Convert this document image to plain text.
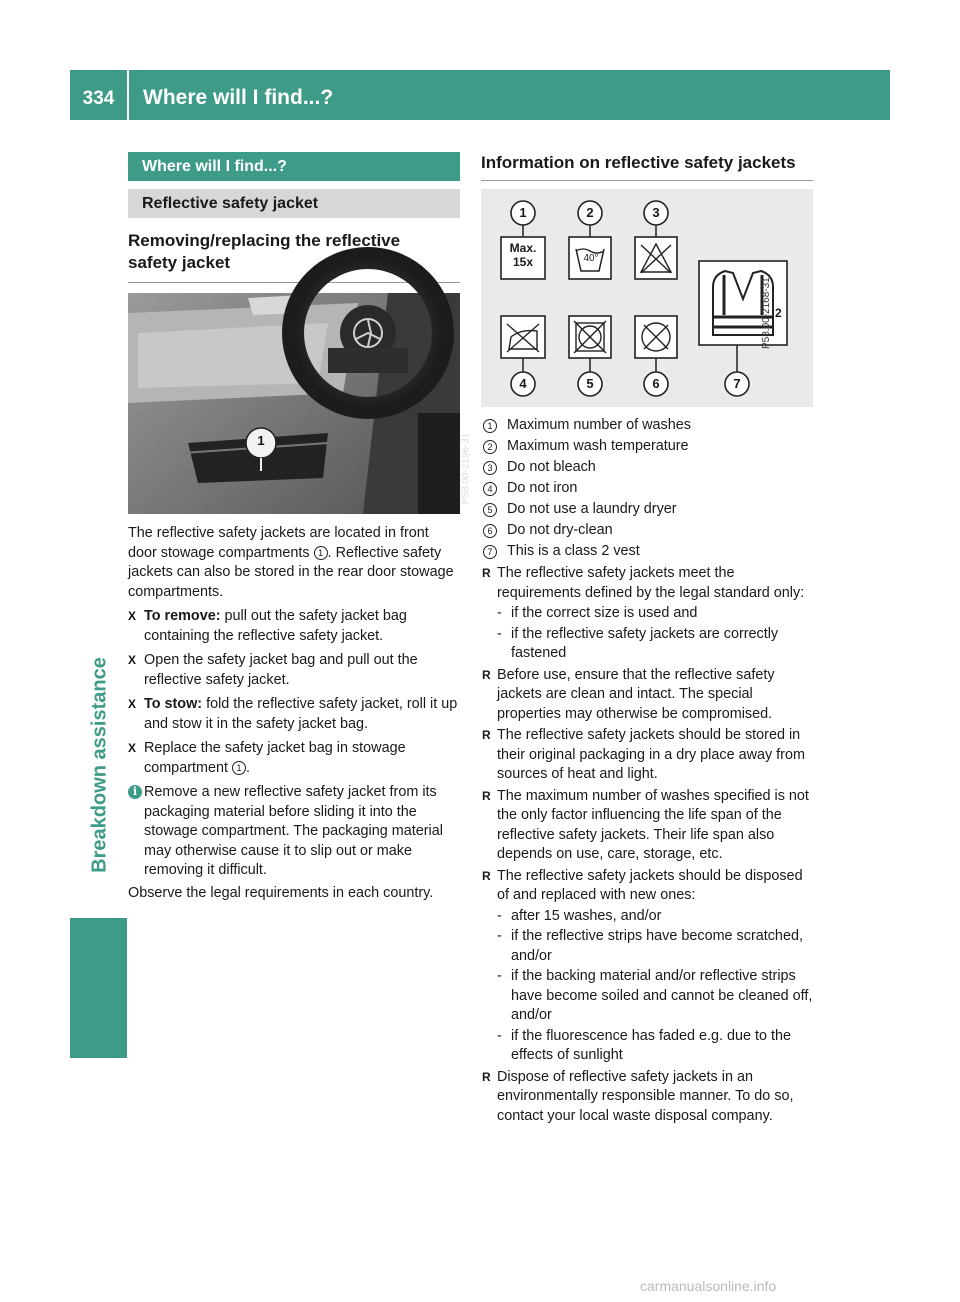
334	Where will I find...?
Breakdown assistance
Where will I find...?
Reflective safety jacket
Removing/replacing the reflective
safety jacket
1	P58.00-2196-31

The reflective safety jackets are located in front door stowage compartments 1 . Reflective safety jackets can also be stored in the rear door stowage compartments.

X To remove: pull out the safety jacket bag containing the reflective safety jacket.
X Open the safety jacket bag and pull out the reflective safety jacket.
X To stow: fold the reflective safety jacket, roll it up and stow it in the safety jacket bag.
X Replace the safety jacket bag in stowage compartment 1 .
i Remove a new reflective safety jacket from its packaging material before sliding it into the stowage compartment. The packaging material may otherwise cause it to slip out or make removing it difficult.

Observe the legal requirements in each country.

Information on reflective safety jackets
Max.
15x	40°
2
1	2	3
4	5	6	7
P58.00-2168-31
1	Maximum number of washes
2	Maximum wash temperature
3	Do not bleach
4	Do not iron
5	Do not use a laundry dryer
6	Do not dry-clean
7	This is a class 2 vest
R The reflective safety jackets meet the requirements defined by the legal standard only:
- if the correct size is used and
- if the reflective safety jackets are correctly fastened
R Before use, ensure that the reflective safety jackets are clean and intact. The special properties may otherwise be compromised.
R The reflective safety jackets should be stored in their original packaging in a dry place away from sources of heat and light.
R The maximum number of washes specified is not the only factor influencing the life span of the reflective safety jackets. Their life span also depends on use, care, storage, etc.
R The reflective safety jackets should be disposed of and replaced with new ones:
- after 15 washes, and/or
- if the reflective strips have become scratched, and/or
- if the backing material and/or reflective strips have become soiled and cannot be cleaned off, and/or
- if the fluorescence has faded e.g. due to the effects of sunlight
R Dispose of reflective safety jackets in an environmentally responsible manner. To do so, contact your local waste disposal company.
carmanualsonline.info
